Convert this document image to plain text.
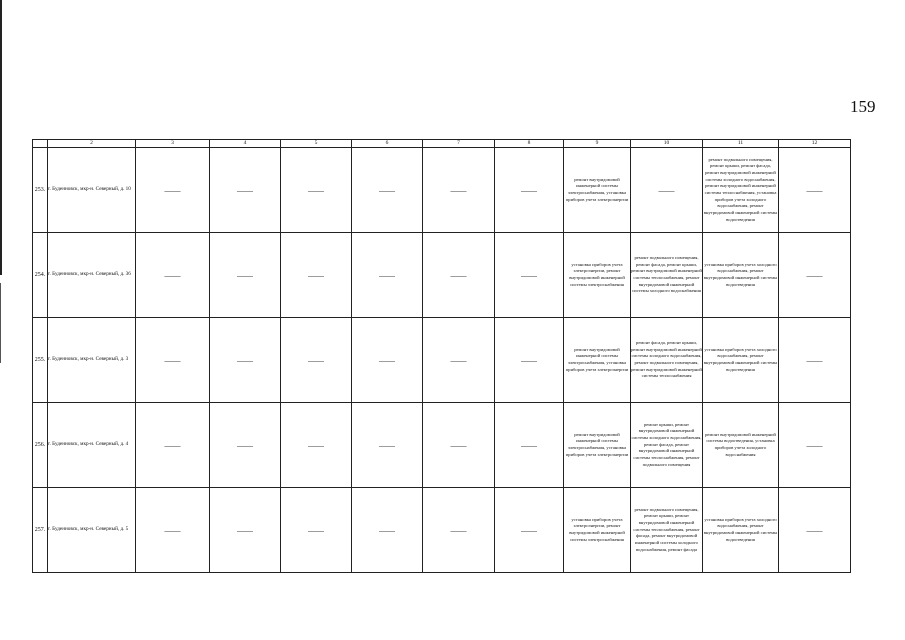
159
	2	3	4	5	6	7	8	9	10	11	12
253.	г. Буденновск, мкр-н. Северный, д. 10	——	——	——	——	——	——	ремонт внутридомовой инженерной системы электроснабжения, установка приборов учета электроэнергии	——	ремонт подвального помещения, ремонт крыши, ремонт фасада, ремонт внутридомовой инженерной системы холодного водоснабжения, ремонт внутридомовой инженерной системы теплоснабжения, установка приборов учета холодного водоснабжения, ремонт внутридомовой инженерной системы водоотведения	——
254.	г. Буденновск, мкр-н. Северный, д. 36	——	——	——	——	——	——	установка приборов учета электроэнергии, ремонт внутридомовой инженерной системы электроснабжения	ремонт подвального помещения, ремонт фасада, ремонт крыши, ремонт внутридомовой инженерной системы теплоснабжения, ремонт внутридомовой инженерной системы холодного водоснабжения	установка приборов учета холодного водоснабжения, ремонт внутридомовой инженерной системы водоотведения	——
255.	г. Буденновск, мкр-н. Северный, д. 3	——	——	——	——	——	——	ремонт внутридомовой инженерной системы электроснабжения, установка приборов учета электроэнергии	ремонт фасада, ремонт крыши, ремонт внутридомовой инженерной системы холодного водоснабжения, ремонт подвального помещения, ремонт внутридомовой инженерной системы теплоснабжения	установка приборов учета холодного водоснабжения, ремонт внутридомовой инженерной системы водоотведения	——
256.	г. Буденновск, мкр-н. Северный, д. 4	——	——	——	——	——	——	ремонт внутридомовой инженерной системы электроснабжения, установка приборов учета электроэнергии	ремонт крыши, ремонт внутридомовой инженерной системы холодного водоснабжения, ремонт фасада, ремонт внутридомовой инженерной системы теплоснабжения, ремонт подвального помещения	ремонт внутридомовой инженерной системы водоотведения, установка приборов учета холодного водоснабжения	——
257.	г. Буденновск, мкр-н. Северный, д. 5	——	——	——	——	——	——	установка приборов учета электроэнергии, ремонт внутридомовой инженерной системы электроснабжения	ремонт подвального помещения, ремонт крыши, ремонт внутридомовой инженерной системы теплоснабжения, ремонт фасада, ремонт внутридомовой инженерной системы холодного водоснабжения, ремонт фасада	установка приборов учета холодного водоснабжения, ремонт внутридомовой инженерной системы водоотведения	——
